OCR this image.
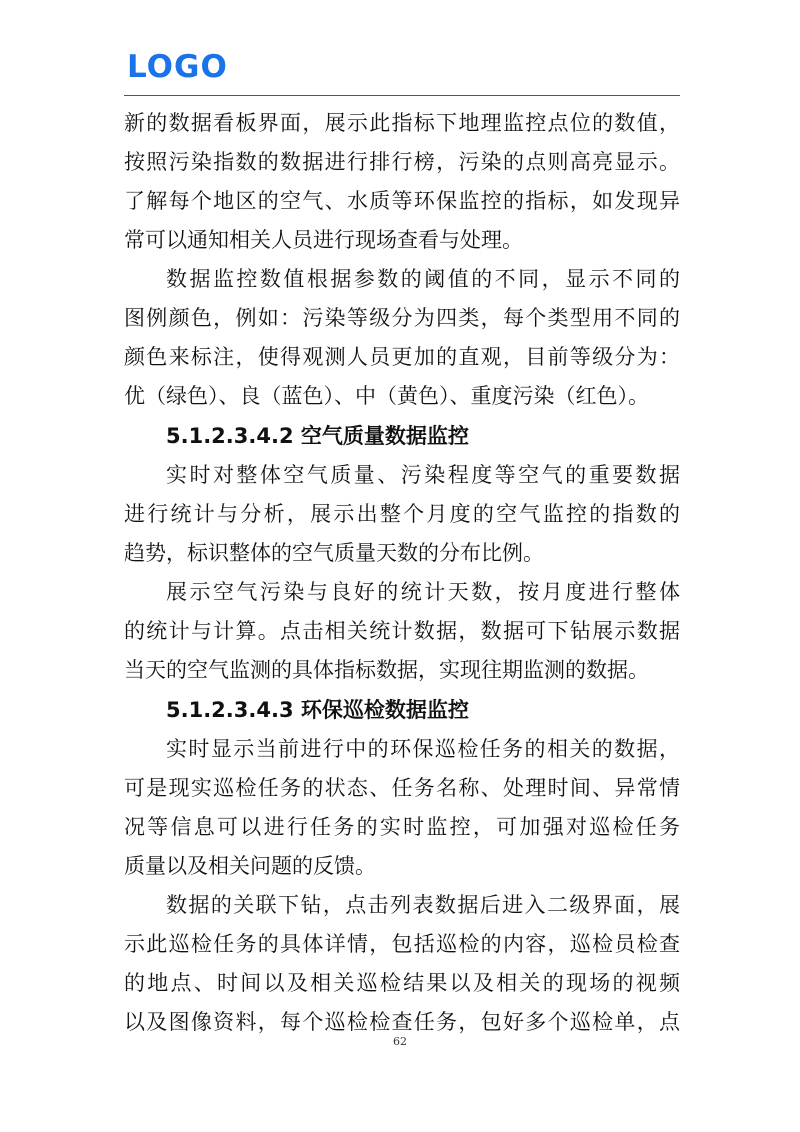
LOGO
新的数据看板界面，展示此指标下地理监控点位的数值，
按照污染指数的数据进行排行榜，污染的点则高亮显示。
了解每个地区的空气、水质等环保监控的指标，如发现异
常可以通知相关人员进行现场查看与处理。
数据监控数值根据参数的阈值的不同，显示不同的
图例颜色，例如：污染等级分为四类，每个类型用不同的
颜色来标注，使得观测人员更加的直观，目前等级分为：
优（绿色）、良（蓝色）、中（黄色）、重度污染（红色）。
5.1.2.3.4.2 空气质量数据监控
实时对整体空气质量、污染程度等空气的重要数据
进行统计与分析，展示出整个月度的空气监控的指数的
趋势，标识整体的空气质量天数的分布比例。
展示空气污染与良好的统计天数，按月度进行整体
的统计与计算。点击相关统计数据，数据可下钻展示数据
当天的空气监测的具体指标数据，实现往期监测的数据。
5.1.2.3.4.3 环保巡检数据监控
实时显示当前进行中的环保巡检任务的相关的数据，
可是现实巡检任务的状态、任务名称、处理时间、异常情
况等信息可以进行任务的实时监控，可加强对巡检任务
质量以及相关问题的反馈。
数据的关联下钻，点击列表数据后进入二级界面，展
示此巡检任务的具体详情，包括巡检的内容，巡检员检查
的地点、时间以及相关巡检结果以及相关的现场的视频
以及图像资料，每个巡检检查任务，包好多个巡检单，点
62
